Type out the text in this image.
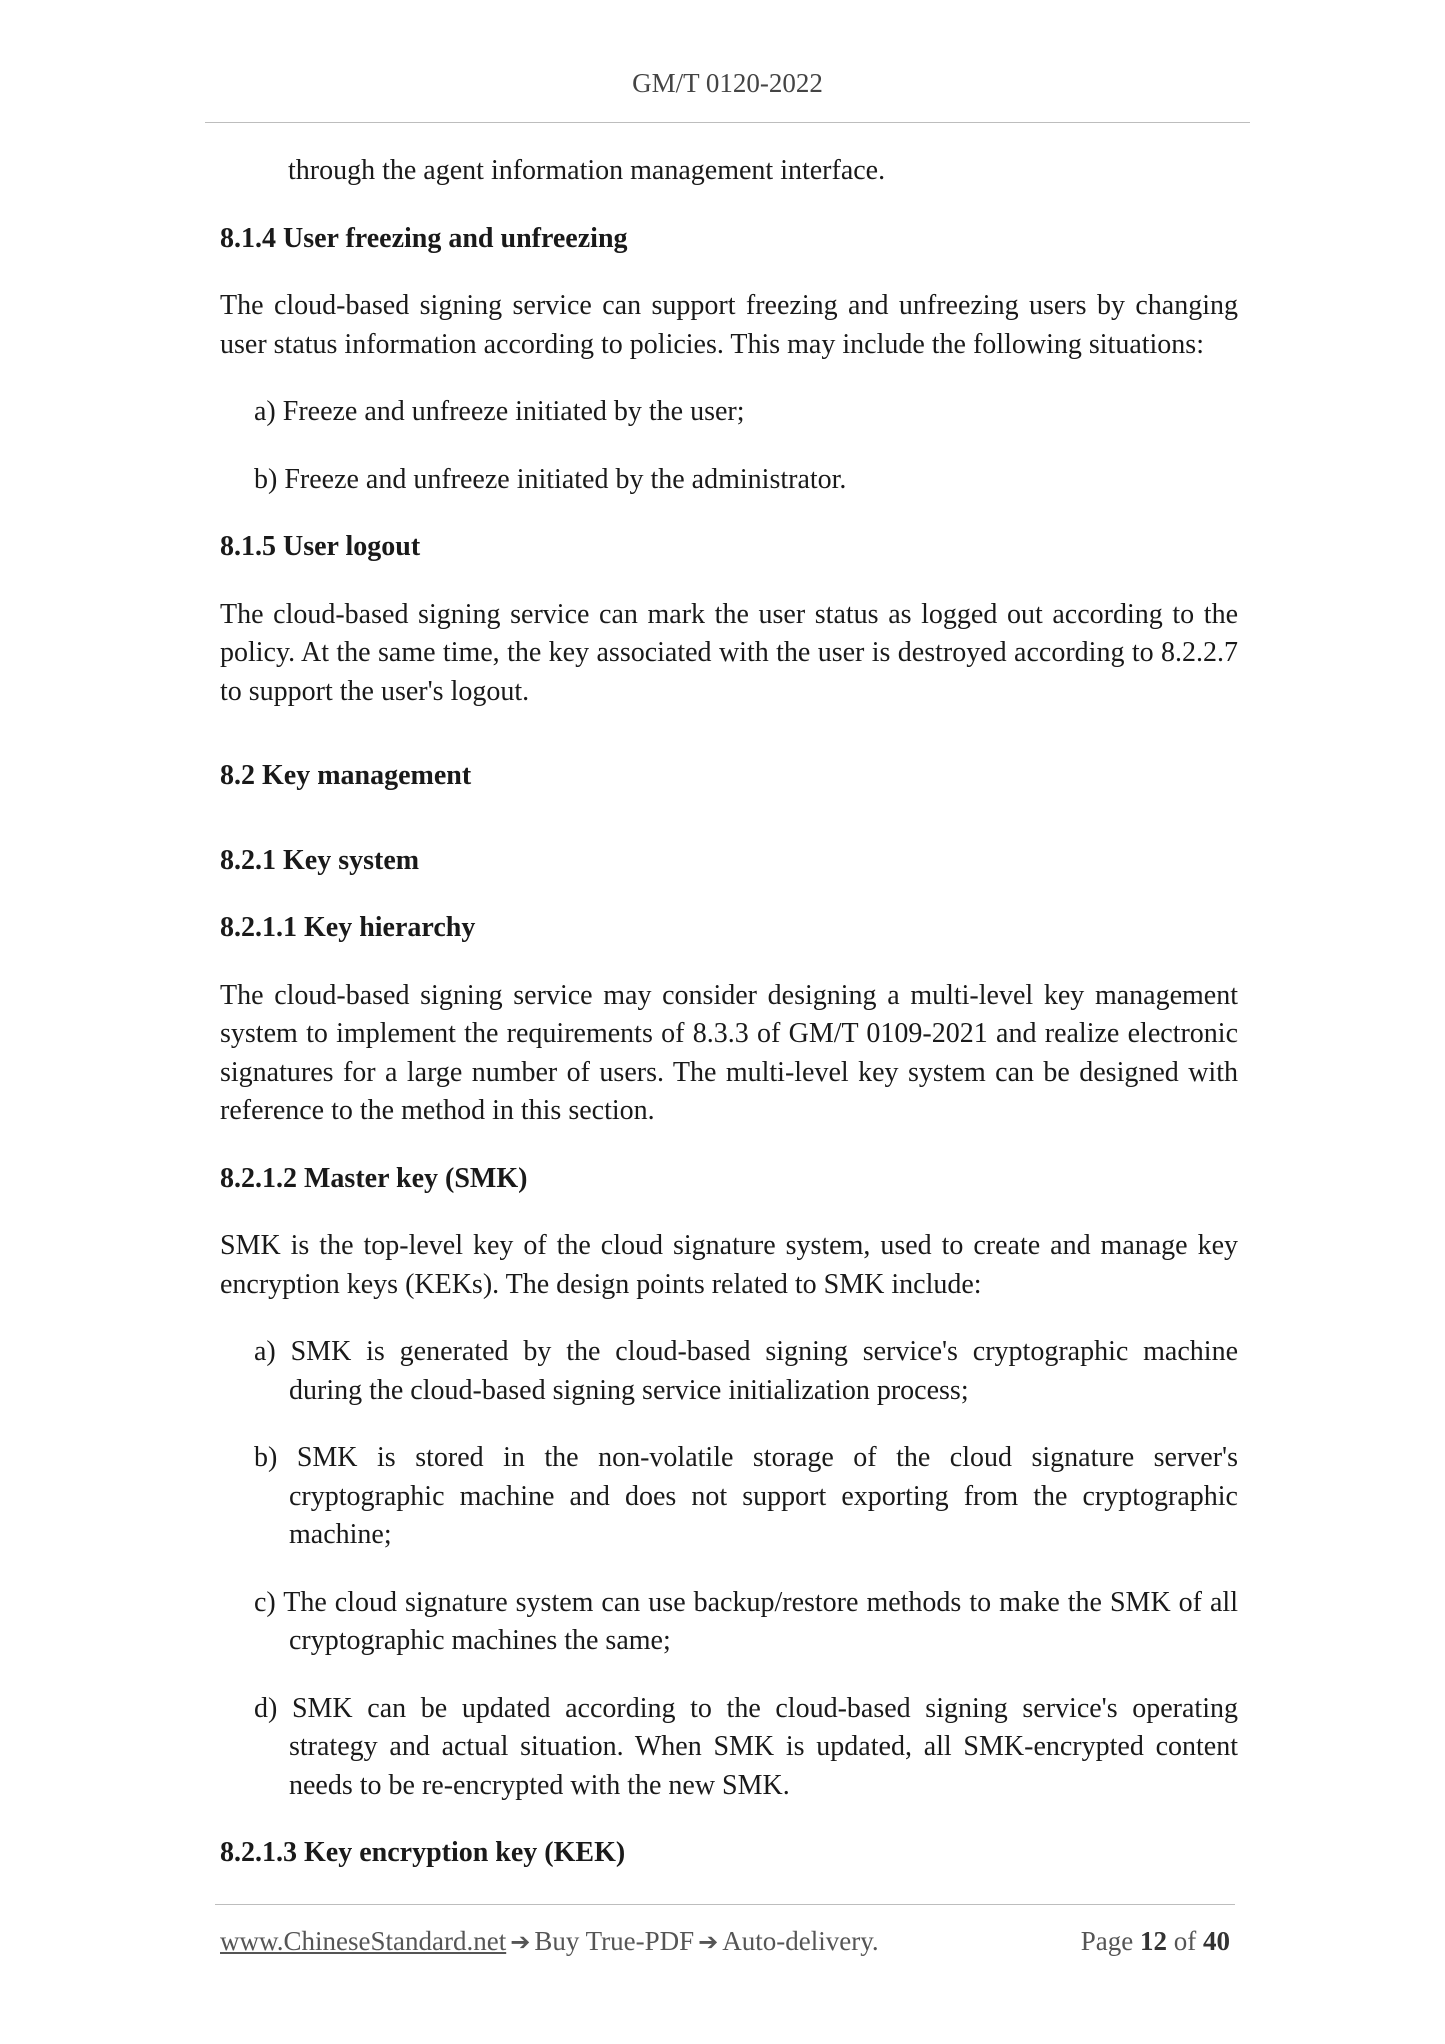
GM/T 0120-2022
through the agent information management interface.
8.1.4 User freezing and unfreezing
The cloud-based signing service can support freezing and unfreezing users by changing user status information according to policies. This may include the following situations:
a) Freeze and unfreeze initiated by the user;
b) Freeze and unfreeze initiated by the administrator.
8.1.5 User logout
The cloud-based signing service can mark the user status as logged out according to the policy. At the same time, the key associated with the user is destroyed according to 8.2.2.7 to support the user's logout.
8.2 Key management
8.2.1 Key system
8.2.1.1 Key hierarchy
The cloud-based signing service may consider designing a multi-level key management system to implement the requirements of 8.3.3 of GM/T 0109-2021 and realize electronic signatures for a large number of users. The multi-level key system can be designed with reference to the method in this section.
8.2.1.2 Master key (SMK)
SMK is the top-level key of the cloud signature system, used to create and manage key encryption keys (KEKs). The design points related to SMK include:
a) SMK is generated by the cloud-based signing service's cryptographic machine during the cloud-based signing service initialization process;
b) SMK is stored in the non-volatile storage of the cloud signature server's cryptographic machine and does not support exporting from the cryptographic machine;
c) The cloud signature system can use backup/restore methods to make the SMK of all cryptographic machines the same;
d) SMK can be updated according to the cloud-based signing service's operating strategy and actual situation. When SMK is updated, all SMK-encrypted content needs to be re-encrypted with the new SMK.
8.2.1.3 Key encryption key (KEK)
www.ChineseStandard.net ➔ Buy True-PDF ➔ Auto-delivery.	Page 12 of 40
